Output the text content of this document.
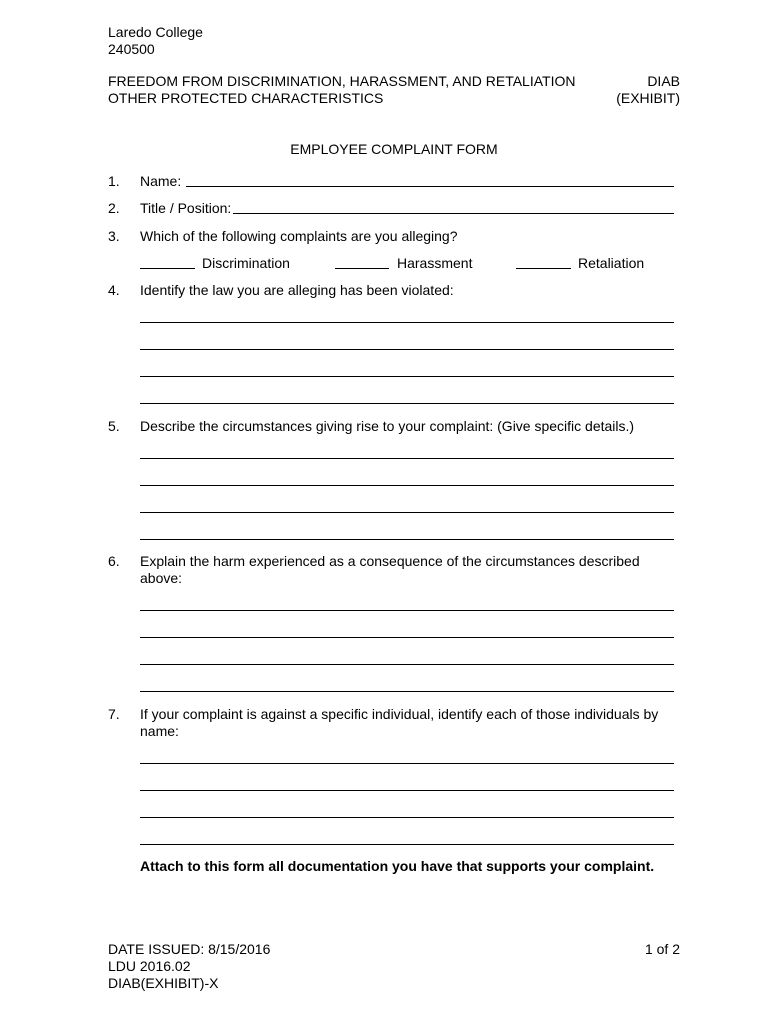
Laredo College
240500
FREEDOM FROM DISCRIMINATION, HARASSMENT, AND RETALIATION
OTHER PROTECTED CHARACTERISTICS
DIAB
(EXHIBIT)
EMPLOYEE COMPLAINT FORM
1. Name:
2. Title / Position:
3. Which of the following complaints are you alleging?
Discrimination	Harassment	Retaliation
4. Identify the law you are alleging has been violated:
5. Describe the circumstances giving rise to your complaint: (Give specific details.)
6. Explain the harm experienced as a consequence of the circumstances described
above:
7. If your complaint is against a specific individual, identify each of those individuals by
name:
Attach to this form all documentation you have that supports your complaint.
DATE ISSUED: 8/15/2016
LDU 2016.02
DIAB(EXHIBIT)-X
1 of 2
